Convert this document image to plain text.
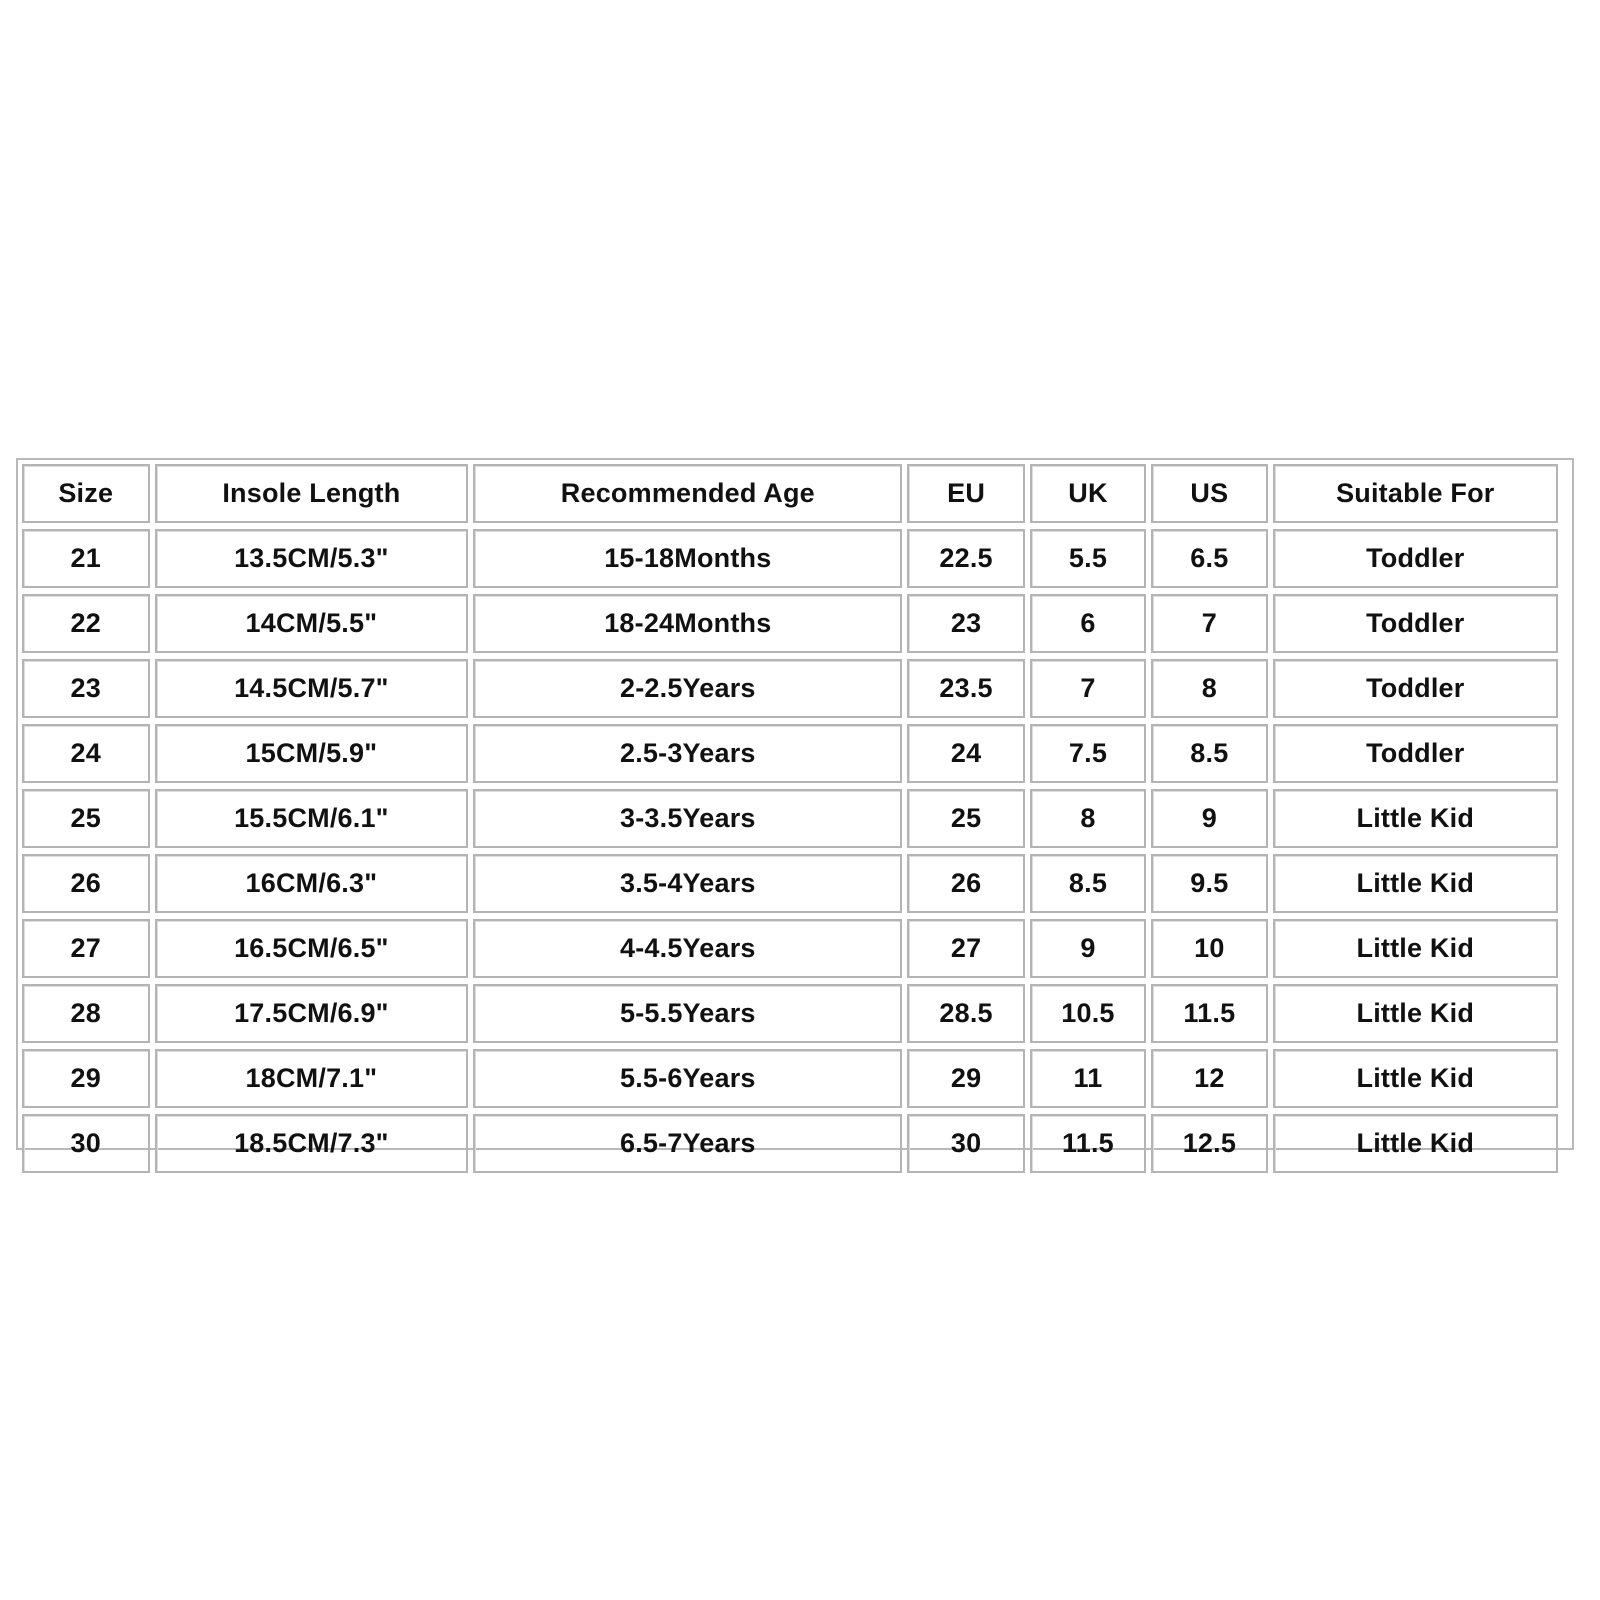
Size	Insole Length	Recommended Age	EU	UK	US	Suitable For
21	13.5CM/5.3"	15-18Months	22.5	5.5	6.5	Toddler
22	14CM/5.5"	18-24Months	23	6	7	Toddler
23	14.5CM/5.7"	2-2.5Years	23.5	7	8	Toddler
24	15CM/5.9"	2.5-3Years	24	7.5	8.5	Toddler
25	15.5CM/6.1"	3-3.5Years	25	8	9	Little Kid
26	16CM/6.3"	3.5-4Years	26	8.5	9.5	Little Kid
27	16.5CM/6.5"	4-4.5Years	27	9	10	Little Kid
28	17.5CM/6.9"	5-5.5Years	28.5	10.5	11.5	Little Kid
29	18CM/7.1"	5.5-6Years	29	11	12	Little Kid
30	18.5CM/7.3"	6.5-7Years	30	11.5	12.5	Little Kid
